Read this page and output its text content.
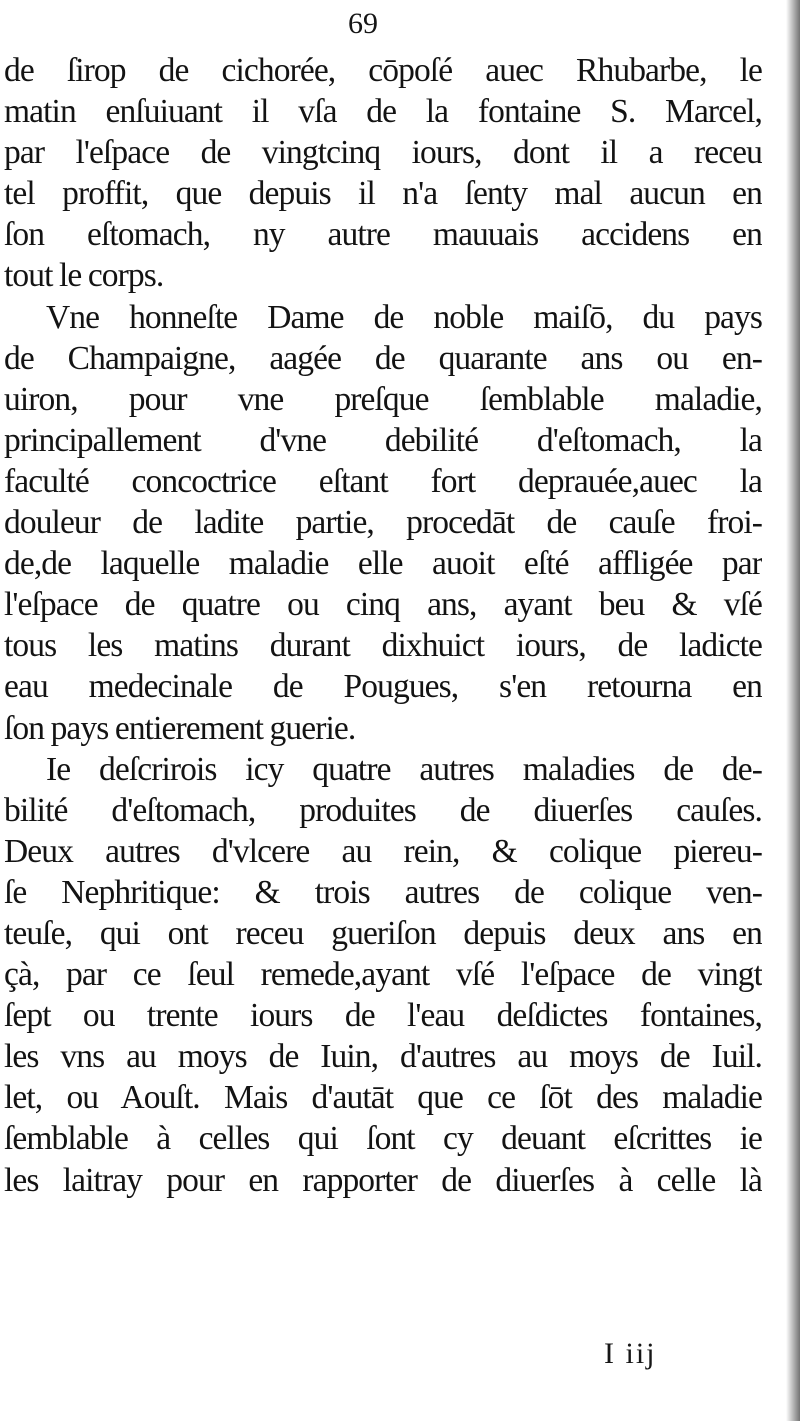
69
de ſirop de cichorée, cōpoſé auec Rhubarbe, le
matin enſuiuant il vſa de la fontaine S. Marcel,
par l'eſpace de vingtcinq iours, dont il a receu
tel proffit, que depuis il n'a ſenty mal aucun en
ſon eſtomach, ny autre mauuais accidens en
tout le corps.
Vne honneſte Dame de noble maiſō, du pays
de Champaigne, aagée de quarante ans ou en-
uiron, pour vne preſque ſemblable maladie,
principallement d'vne debilité d'eſtomach, la
faculté concoctrice eſtant fort deprauée,auec la
douleur de ladite partie, procedāt de cauſe froi-
de,de laquelle maladie elle auoit eſté affligée par
l'eſpace de quatre ou cinq ans, ayant beu & vſé
tous les matins durant dixhuict iours, de ladicte
eau medecinale de Pougues, s'en retourna en
ſon pays entierement guerie.
Ie deſcrirois icy quatre autres maladies de de-
bilité d'eſtomach, produites de diuerſes cauſes.
Deux autres d'vlcere au rein, & colique piereu-
ſe Nephritique: & trois autres de colique ven-
teuſe, qui ont receu gueriſon depuis deux ans en
çà, par ce ſeul remede,ayant vſé l'eſpace de vingt
ſept ou trente iours de l'eau deſdictes fontaines,
les vns au moys de Iuin, d'autres au moys de Iuil.
let, ou Aouſt. Mais d'autāt que ce ſōt des maladie
ſemblable à celles qui ſont cy deuant eſcrittes ie
les laitray pour en rapporter de diuerſes à celle là
I iij
